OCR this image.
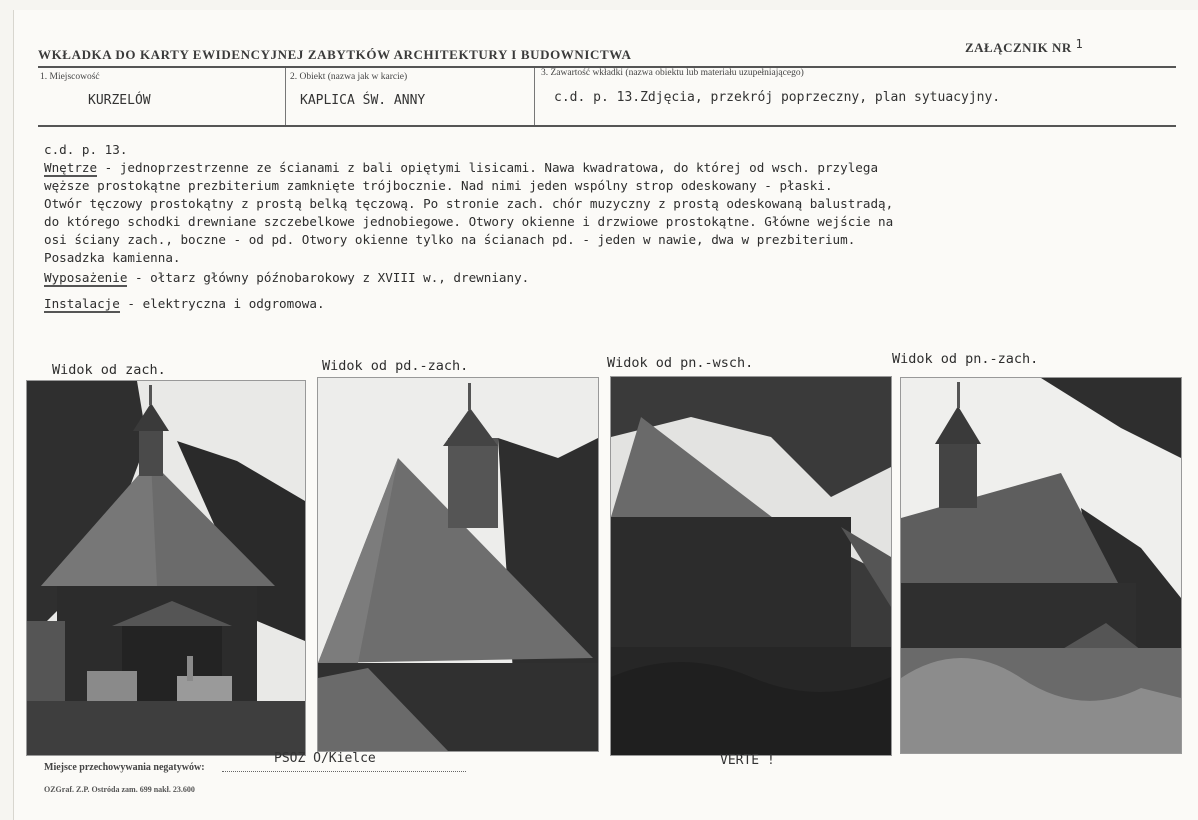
WKŁADKA DO KARTY EWIDENCYJNEJ ZABYTKÓW ARCHITEKTURY I BUDOWNICTWA	ZAŁĄCZNIK NR 1
1. Miejscowość
KURZELÓW
2. Obiekt (nazwa jak w karcie)
KAPLICA ŚW. ANNY
3. Zawartość wkładki (nazwa obiektu lub materiału uzupełniającego)
c.d. p. 13.Zdjęcia, przekrój poprzeczny, plan sytuacyjny.
c.d. p. 13.
Wnętrze - jednoprzestrzenne ze ścianami z bali opiętymi lisicami. Nawa kwadratowa, do której od wsch. przylega
węższe prostokątne prezbiterium zamknięte trójbocznie. Nad nimi jeden wspólny strop odeskowany - płaski.
Otwór tęczowy prostokątny z prostą belką tęczową. Po stronie zach. chór muzyczny z prostą odeskowaną balustradą,
do którego schodki drewniane szczebelkowe jednobiegowe. Otwory okienne i drzwiowe prostokątne. Główne wejście na
osi ściany zach., boczne - od pd. Otwory okienne tylko na ścianach pd. - jeden w nawie, dwa w prezbiterium.
Posadzka kamienna.
Wyposażenie - ołtarz główny późnobarokowy z XVIII w., drewniany.
Instalacje - elektryczna i odgromowa.
Widok od zach.	Widok od pd.-zach.	Widok od pn.-wsch.	Widok od pn.-zach.
Miejsce przechowywania negatywów:
PSOZ O/Kielce	VERTE !
OZGraf. Z.P. Ostróda zam. 699 nakł. 23.600
